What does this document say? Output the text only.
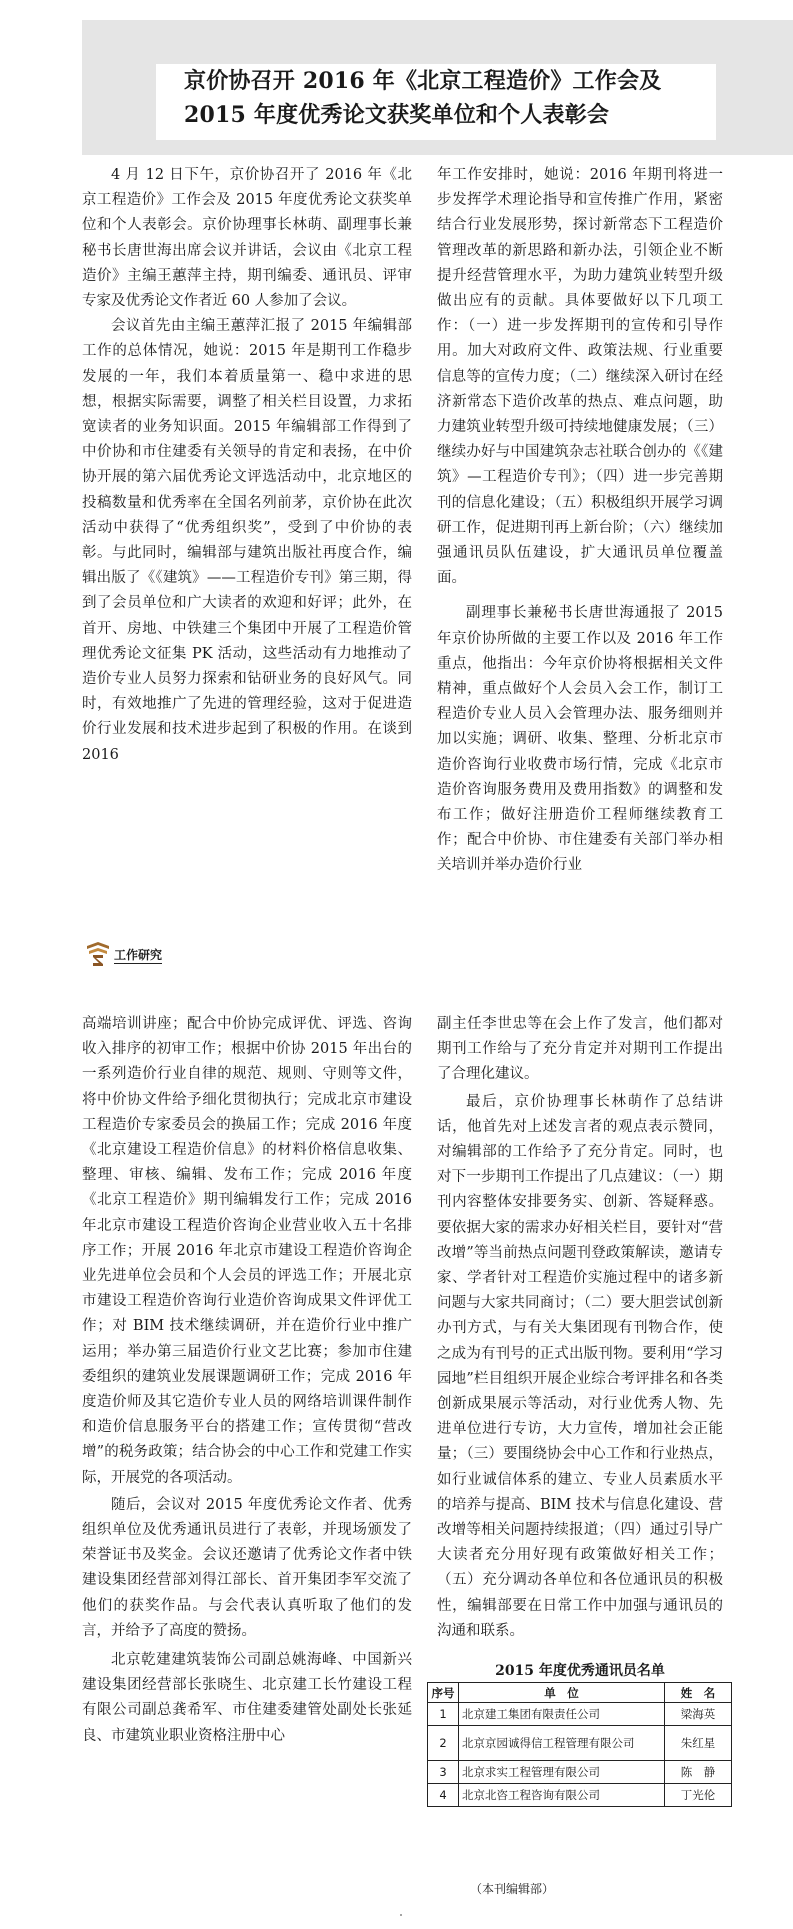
京价协召开 2016 年《北京工程造价》工作会及
2015 年度优秀论文获奖单位和个人表彰会

4 月 12 日下午，京价协召开了 2016 年《北京工程造价》工作会及 2015 年度优秀论文获奖单位和个人表彰会。京价协理事长林萌、副理事长兼秘书长唐世海出席会议并讲话，会议由《北京工程造价》主编王蕙萍主持，期刊编委、通讯员、评审专家及优秀论文作者近 60 人参加了会议。

会议首先由主编王蕙萍汇报了 2015 年编辑部工作的总体情况，她说：2015 年是期刊工作稳步发展的一年，我们本着质量第一、稳中求进的思想，根据实际需要，调整了相关栏目设置，力求拓宽读者的业务知识面。2015 年编辑部工作得到了中价协和市住建委有关领导的肯定和表扬，在中价协开展的第六届优秀论文评选活动中，北京地区的投稿数量和优秀率在全国名列前茅，京价协在此次活动中获得了“优秀组织奖”，受到了中价协的表彰。与此同时，编辑部与建筑出版社再度合作，编辑出版了《《建筑》——工程造价专刊》第三期，得到了会员单位和广大读者的欢迎和好评；此外，在首开、房地、中铁建三个集团中开展了工程造价管理优秀论文征集 PK 活动，这些活动有力地推动了造价专业人员努力探索和钻研业务的良好风气。同时，有效地推广了先进的管理经验，这对于促进造价行业发展和技术进步起到了积极的作用。在谈到 2016

年工作安排时，她说：2016 年期刊将进一步发挥学术理论指导和宣传推广作用，紧密结合行业发展形势，探讨新常态下工程造价管理改革的新思路和新办法，引领企业不断提升经营管理水平，为助力建筑业转型升级做出应有的贡献。具体要做好以下几项工作：（一）进一步发挥期刊的宣传和引导作用。加大对政府文件、政策法规、行业重要信息等的宣传力度；（二）继续深入研讨在经济新常态下造价改革的热点、难点问题，助力建筑业转型升级可持续地健康发展；（三）继续办好与中国建筑杂志社联合创办的《《建筑》—工程造价专刊》；（四）进一步完善期刊的信息化建设；（五）积极组织开展学习调研工作，促进期刊再上新台阶；（六）继续加强通讯员队伍建设，扩大通讯员单位覆盖面。

副理事长兼秘书长唐世海通报了 2015 年京价协所做的主要工作以及 2016 年工作重点，他指出：今年京价协将根据相关文件精神，重点做好个人会员入会工作，制订工程造价专业人员入会管理办法、服务细则并加以实施；调研、收集、整理、分析北京市造价咨询行业收费市场行情，完成《北京市造价咨询服务费用及费用指数》的调整和发布工作；做好注册造价工程师继续教育工作；配合中价协、市住建委有关部门举办相关培训并举办造价行业

工作研究

高端培训讲座；配合中价协完成评优、评选、咨询收入排序的初审工作；根据中价协 2015 年出台的一系列造价行业自律的规范、规则、守则等文件，将中价协文件给予细化贯彻执行；完成北京市建设工程造价专家委员会的换届工作；完成 2016 年度《北京建设工程造价信息》的材料价格信息收集、整理、审核、编辑、发布工作；完成 2016 年度《北京工程造价》期刊编辑发行工作；完成 2016 年北京市建设工程造价咨询企业营业收入五十名排序工作；开展 2016 年北京市建设工程造价咨询企业先进单位会员和个人会员的评选工作；开展北京市建设工程造价咨询行业造价咨询成果文件评优工作；对 BIM 技术继续调研，并在造价行业中推广运用；举办第三届造价行业文艺比赛；参加市住建委组织的建筑业发展课题调研工作；完成 2016 年度造价师及其它造价专业人员的网络培训课件制作和造价信息服务平台的搭建工作；宣传贯彻“营改增”的税务政策；结合协会的中心工作和党建工作实际，开展党的各项活动。

随后，会议对 2015 年度优秀论文作者、优秀组织单位及优秀通讯员进行了表彰，并现场颁发了荣誉证书及奖金。会议还邀请了优秀论文作者中铁建设集团经营部刘得江部长、首开集团李军交流了他们的获奖作品。与会代表认真听取了他们的发言，并给予了高度的赞扬。

北京乾建建筑装饰公司副总姚海峰、中国新兴建设集团经营部长张晓生、北京建工长竹建设工程有限公司副总龚希军、市住建委建管处副处长张延良、市建筑业职业资格注册中心

副主任李世忠等在会上作了发言，他们都对期刊工作给与了充分肯定并对期刊工作提出了合理化建议。

最后，京价协理事长林萌作了总结讲话，他首先对上述发言者的观点表示赞同，对编辑部的工作给予了充分肯定。同时，也对下一步期刊工作提出了几点建议：（一）期刊内容整体安排要务实、创新、答疑释惑。要依据大家的需求办好相关栏目，要针对“营改增”等当前热点问题刊登政策解读，邀请专家、学者针对工程造价实施过程中的诸多新问题与大家共同商讨；（二）要大胆尝试创新办刊方式，与有关大集团现有刊物合作，使之成为有刊号的正式出版刊物。要利用“学习园地”栏目组织开展企业综合考评排名和各类创新成果展示等活动，对行业优秀人物、先进单位进行专访，大力宣传，增加社会正能量；（三）要围绕协会中心工作和行业热点，如行业诚信体系的建立、专业人员素质水平的培养与提高、BIM 技术与信息化建设、营改增等相关问题持续报道；（四）通过引导广大读者充分用好现有政策做好相关工作；（五）充分调动各单位和各位通讯员的积极性，编辑部要在日常工作中加强与通讯员的沟通和联系。

2015 年度优秀通讯员名单
序号	单　位	姓　名
1	北京建工集团有限责任公司	梁海英
2	北京京园诚得信工程管理有限公司	朱红星
3	北京求实工程管理有限公司	陈　静
4	北京北咨工程咨询有限公司	丁光伦
（本刊编辑部）
